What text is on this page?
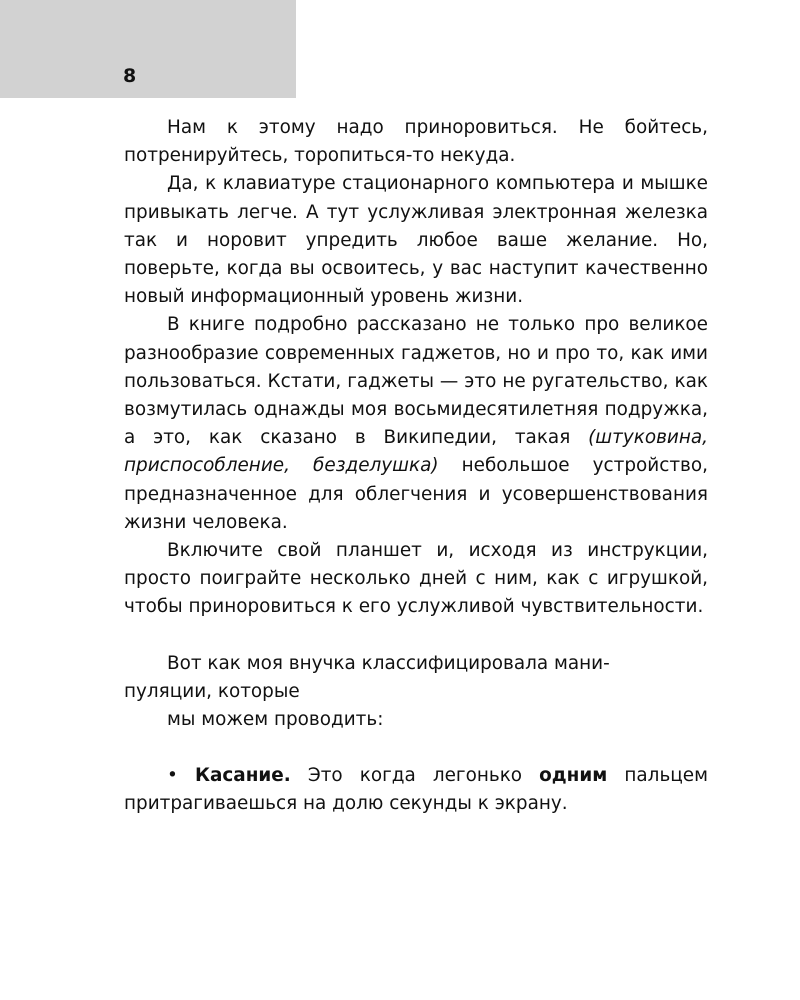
8

Нам к этому надо приноровиться. Не бойтесь, потренируйтесь, торопиться-то некуда.

Да, к клавиатуре стационарного компьютера и мышке привыкать легче. А тут услужливая электронная железка так и норовит упредить любое ваше желание. Но, поверьте, когда вы освоитесь, у вас наступит качественно новый информационный уровень жизни.

В книге подробно рассказано не только про великое разнообразие современных гаджетов, но и про то, как ими пользоваться. Кстати, гаджеты — это не ругательство, как возмутилась однажды моя восьмидесятилетняя подружка, а это, как сказано в Википедии, такая (штуковина, приспособление, безделушка) небольшое устройство, предназначенное для облегчения и усовершенствования жизни человека.

Включите свой планшет и, исходя из инструкции, просто поиграйте несколько дней с ним, как с игрушкой, чтобы приноровиться к его услужливой чувствительности.

Вот как моя внучка классифицировала мани-
пуляции, которые
мы можем проводить:

• Касание. Это когда легонько одним пальцем притрагиваешься на долю секунды к экрану.
